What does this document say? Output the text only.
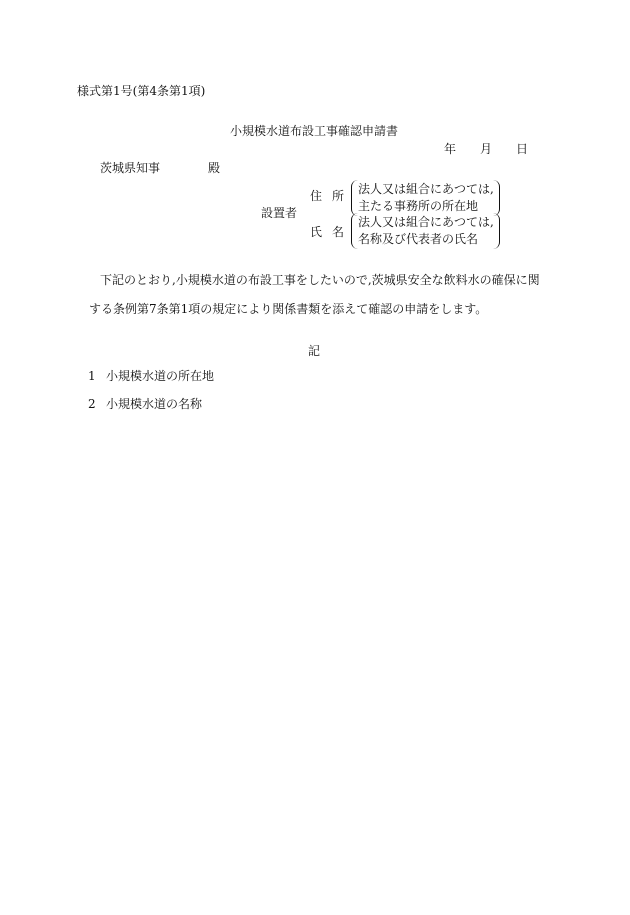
様式第1号(第4条第1項)
小規模水道布設工事確認申請書
年 月 日
茨城県知事	殿
設置者
住所 法人又は組合にあつては,
主たる事務所の所在地
氏名
法人又は組合にあつては,
名称及び代表者の氏名
下記のとおり,小規模水道の布設工事をしたいので,茨城県安全な飲料水の確保に関
する条例第7条第1項の規定により関係書類を添えて確認の申請をします。
記
1 小規模水道の所在地
2 小規模水道の名称
